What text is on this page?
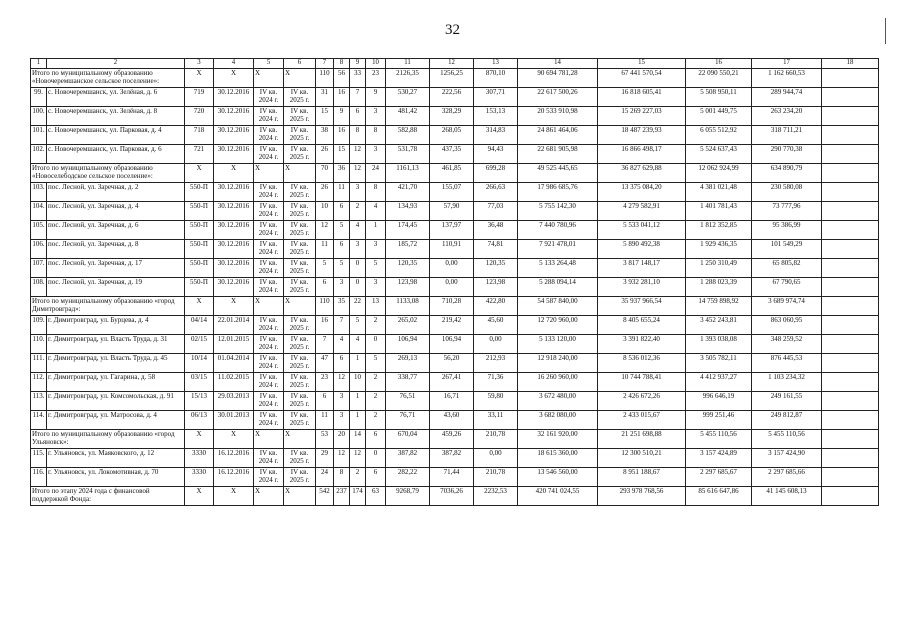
32
1	2	3	4	5	6	7	8	9	10	11	12	13	14	15	16	17	18
Итого по муниципальному образованию «Новочеремшанское сельское поселение»:		Х	Х	Х	Х	110	56	33	23	2126,35	1256,25	870,10	90 694 781,28	67 441 570,54	22 090 550,21	1 162 660,53	
99.	с. Новочеремшанск, ул. Зелёная, д. 6	719	30.12.2016	IV кв. 2024 г.	IV кв. 2025 г.	31	16	7	9	530,27	222,56	307,71	22 617 500,26	16 818 605,41	5 508 950,11	289 944,74	
100.	с. Новочеремшанск, ул. Зелёная, д. 8	720	30.12.2016	IV кв. 2024 г.	IV кв. 2025 г.	15	9	6	3	481,42	328,29	153,13	20 533 910,98	15 269 227,03	5 001 449,75	263 234,20	
101.	с. Новочеремшанск, ул. Парковая, д. 4	718	30.12.2016	IV кв. 2024 г.	IV кв. 2025 г.	38	16	8	8	582,88	268,05	314,83	24 861 464,06	18 487 239,93	6 055 512,92	318 711,21	
102.	с. Новочеремшанск, ул. Парковая, д. 6	721	30.12.2016	IV кв. 2024 г.	IV кв. 2025 г.	26	15	12	3	531,78	437,35	94,43	22 681 905,98	16 866 498,17	5 524 637,43	290 770,38	
Итого по муниципальному образованию «Новоселебодское сельское поселение»:		Х	Х	Х	Х	70	36	12	24	1161,13	461,85	699,28	49 525 445,65	36 827 629,88	12 062 924,99	634 890,79	
103.	пос. Лесной, ул. Заречная, д. 2	550-П	30.12.2016	IV кв. 2024 г.	IV кв. 2025 г.	26	11	3	8	421,70	155,07	266,63	17 986 685,76	13 375 084,20	4 381 021,48	230 580,08	
104.	пос. Лесной, ул. Заречная, д. 4	550-П	30.12.2016	IV кв. 2024 г.	IV кв. 2025 г.	10	6	2	4	134,93	57,90	77,03	5 755 142,30	4 279 582,91	1 401 781,43	73 777,96	
105.	пос. Лесной, ул. Заречная, д. 6	550-П	30.12.2016	IV кв. 2024 г.	IV кв. 2025 г.	12	5	4	1	174,45	137,97	36,48	7 440 780,96	5 533 041,12	1 812 352,85	95 386,99	
106.	пос. Лесной, ул. Заречная, д. 8	550-П	30.12.2016	IV кв. 2024 г.	IV кв. 2025 г.	11	6	3	3	185,72	110,91	74,81	7 921 478,01	5 890 492,38	1 929 436,35	101 549,29	
107.	пос. Лесной, ул. Заречная, д. 17	550-П	30.12.2016	IV кв. 2024 г.	IV кв. 2025 г.	5	5	0	5	120,35	0,00	120,35	5 133 264,48	3 817 148,17	1 250 310,49	65 805,82	
108.	пос. Лесной, ул. Заречная, д. 19	550-П	30.12.2016	IV кв. 2024 г.	IV кв. 2025 г.	6	3	0	3	123,98	0,00	123,98	5 288 094,14	3 932 281,10	1 288 023,39	67 790,65	
Итого по муниципальному образованию «город Димитровград»:		Х	Х	Х	Х	110	35	22	13	1133,08	710,28	422,80	54 587 840,00	35 937 966,54	14 759 898,92	3 689 974,74	
109.	г. Димитровград, ул. Бурцева, д. 4	04/14	22.01.2014	IV кв. 2024 г.	IV кв. 2025 г.	16	7	5	2	265,02	219,42	45,60	12 720 960,00	8 405 655,24	3 452 243,81	863 060,95	
110.	г. Димитровград, ул. Власть Труда, д. 31	02/15	12.01.2015	IV кв. 2024 г.	IV кв. 2025 г.	7	4	4	0	106,94	106,94	0,00	5 133 120,00	3 391 822,40	1 393 038,08	348 259,52	
111.	г. Димитровград, ул. Власть Труда, д. 45	10/14	01.04.2014	IV кв. 2024 г.	IV кв. 2025 г.	47	6	1	5	269,13	56,20	212,93	12 918 240,00	8 536 012,36	3 505 782,11	876 445,53	
112.	г. Димитровград, ул. Гагарина, д. 58	03/15	11.02.2015	IV кв. 2024 г.	IV кв. 2025 г.	23	12	10	2	338,77	267,41	71,36	16 260 960,00	10 744 788,41	4 412 937,27	1 103 234,32	
113.	г. Димитровград, ул. Комсомольская, д. 91	15/13	29.03.2013	IV кв. 2024 г.	IV кв. 2025 г.	6	3	1	2	76,51	16,71	59,80	3 672 480,00	2 426 672,26	996 646,19	249 161,55	
114.	г. Димитровград, ул. Матросова, д. 4	06/13	30.01.2013	IV кв. 2024 г.	IV кв. 2025 г.	11	3	1	2	76,71	43,60	33,11	3 682 080,00	2 433 015,67	999 251,46	249 812,87	
Итого по муниципальному образованию «город Ульяновск»:		Х	Х	Х	Х	53	20	14	6	670,04	459,26	210,78	32 161 920,00	21 251 698,88	5 455 110,56	5 455 110,56	
115.	г. Ульяновск, ул. Маяковского, д. 12	3330	16.12.2016	IV кв. 2024 г.	IV кв. 2025 г.	29	12	12	0	387,82	387,82	0,00	18 615 360,00	12 300 510,21	3 157 424,89	3 157 424,90	
116.	г. Ульяновск, ул. Локомотивная, д. 70	3330	16.12.2016	IV кв. 2024 г.	IV кв. 2025 г.	24	8	2	6	282,22	71,44	210,78	13 546 560,00	8 951 188,67	2 297 685,67	2 297 685,66	
Итого по этапу 2024 года с финансовой поддержкой Фонда:		Х	Х	Х	Х	542	237	174	63	9268,79	7036,26	2232,53	420 741 024,55	293 978 768,56	85 616 647,86	41 145 608,13	
